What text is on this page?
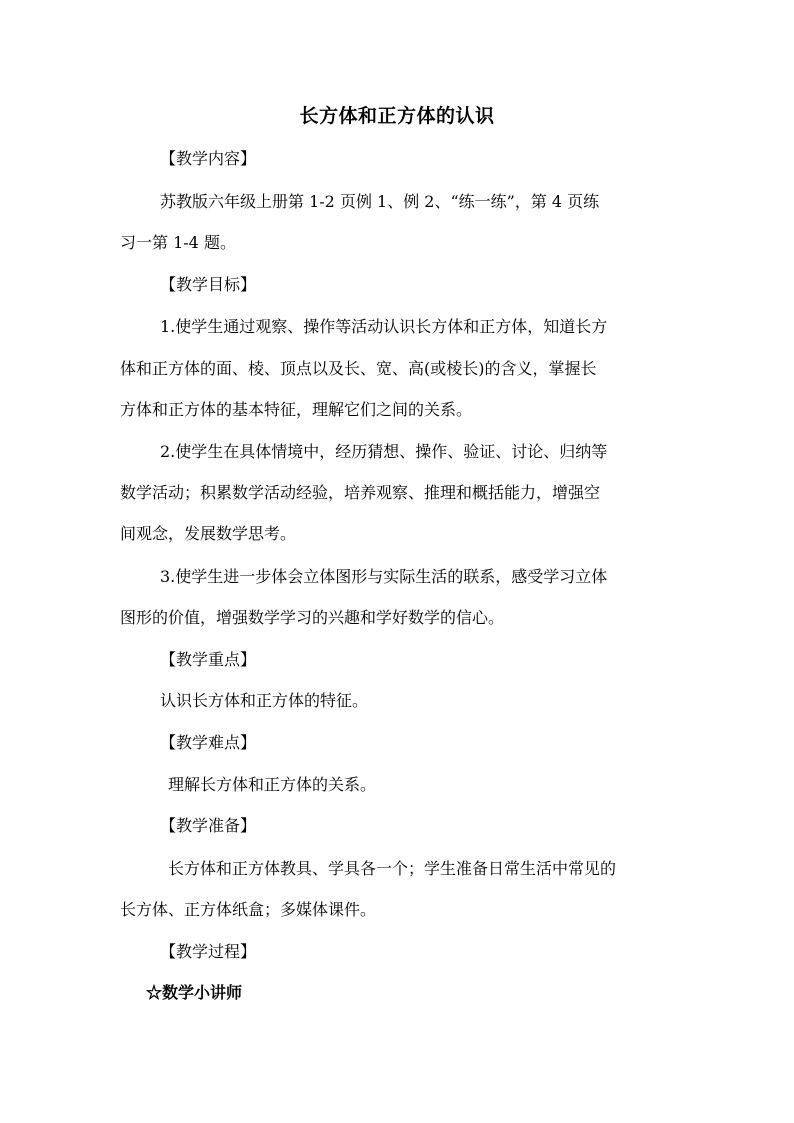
长方体和正方体的认识
【教学内容】
苏教版六年级上册第 1-2 页例 1、例 2、“练一练”，第 4 页练
习一第 1-4 题。
【教学目标】
1.使学生通过观察、操作等活动认识长方体和正方体，知道长方
体和正方体的面、棱、顶点以及长、宽、高(或棱长)的含义，掌握长
方体和正方体的基本特征，理解它们之间的关系。
2.使学生在具体情境中，经历猜想、操作、验证、讨论、归纳等
数学活动；积累数学活动经验，培养观察、推理和概括能力，增强空
间观念，发展数学思考。
3.使学生进一步体会立体图形与实际生活的联系，感受学习立体
图形的价值，增强数学学习的兴趣和学好数学的信心。
【教学重点】
认识长方体和正方体的特征。
【教学难点】
理解长方体和正方体的关系。
【教学准备】
长方体和正方体教具、学具各一个；学生准备日常生活中常见的
长方体、正方体纸盒；多媒体课件。
【教学过程】
☆数学小讲师
